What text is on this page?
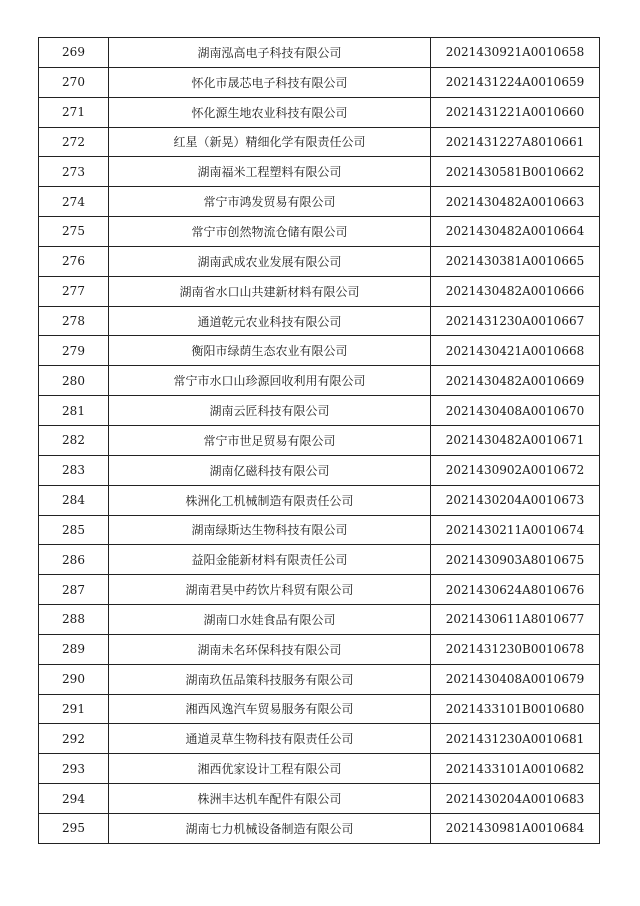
269	湖南泓高电子科技有限公司	2021430921A0010658
270	怀化市晟芯电子科技有限公司	2021431224A0010659
271	怀化源生地农业科技有限公司	2021431221A0010660
272	红星（新晃）精细化学有限责任公司	2021431227A8010661
273	湖南福米工程塑料有限公司	2021430581B0010662
274	常宁市鸿发贸易有限公司	2021430482A0010663
275	常宁市创然物流仓储有限公司	2021430482A0010664
276	湖南武成农业发展有限公司	2021430381A0010665
277	湖南省水口山共建新材料有限公司	2021430482A0010666
278	通道乾元农业科技有限公司	2021431230A0010667
279	衡阳市绿荫生态农业有限公司	2021430421A0010668
280	常宁市水口山珍源回收利用有限公司	2021430482A0010669
281	湖南云匠科技有限公司	2021430408A0010670
282	常宁市世足贸易有限公司	2021430482A0010671
283	湖南亿磁科技有限公司	2021430902A0010672
284	株洲化工机械制造有限责任公司	2021430204A0010673
285	湖南绿斯达生物科技有限公司	2021430211A0010674
286	益阳金能新材料有限责任公司	2021430903A8010675
287	湖南君昊中药饮片科贸有限公司	2021430624A8010676
288	湖南口水娃食品有限公司	2021430611A8010677
289	湖南未名环保科技有限公司	2021431230B0010678
290	湖南玖伍品策科技服务有限公司	2021430408A0010679
291	湘西风逸汽车贸易服务有限公司	2021433101B0010680
292	通道灵草生物科技有限责任公司	2021431230A0010681
293	湘西优家设计工程有限公司	2021433101A0010682
294	株洲丰达机车配件有限公司	2021430204A0010683
295	湖南七力机械设备制造有限公司	2021430981A0010684
